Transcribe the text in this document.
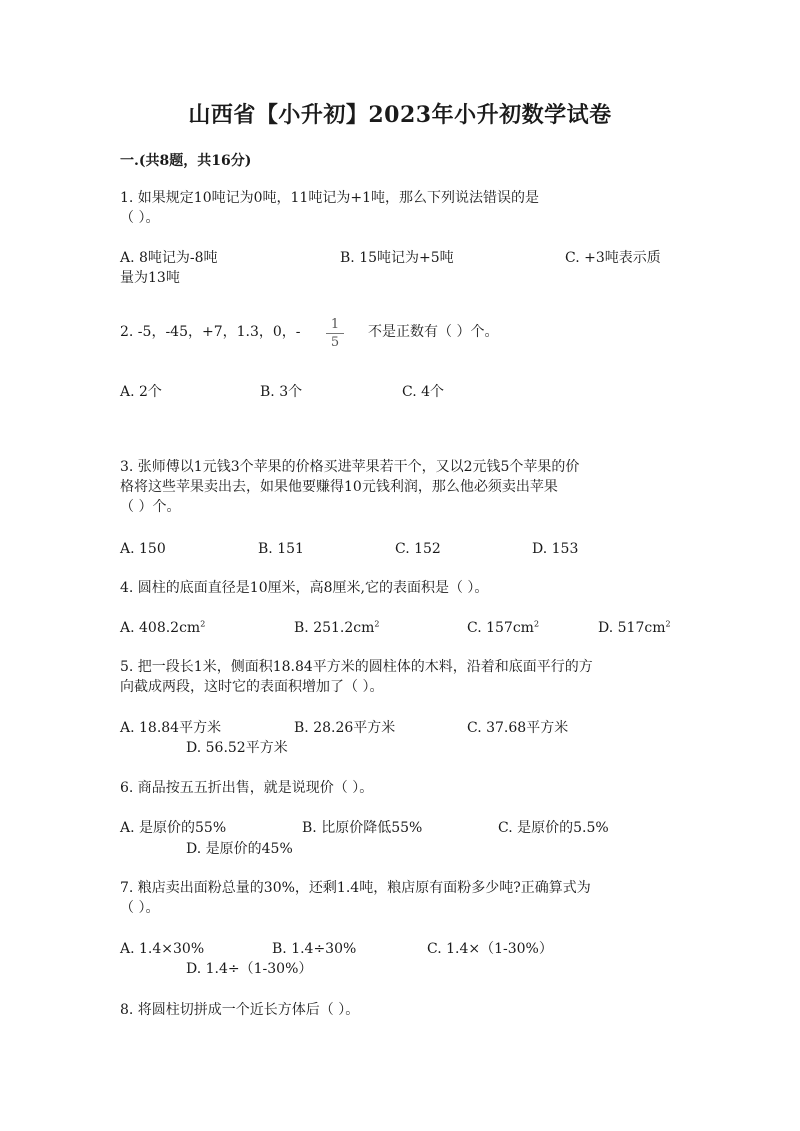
山西省【小升初】2023年小升初数学试卷
一.(共8题，共16分)
1. 如果规定10吨记为0吨，11吨记为+1吨，那么下列说法错误的是
（ ）。
A. 8吨记为-8吨	B. 15吨记为+5吨	C. +3吨表示质
量为13吨
2. -5，-45，+7，1.3，0，-	1
5
不是正数有（ ）个。
A. 2个	B. 3个	C. 4个
3. 张师傅以1元钱3个苹果的价格买进苹果若干个，又以2元钱5个苹果的价
格将这些苹果卖出去，如果他要赚得10元钱利润，那么他必须卖出苹果
（ ）个。
A. 150	B. 151	C. 152	D. 153
4. 圆柱的底面直径是10厘米，高8厘米,它的表面积是（ ）。
A. $408.2cm^2$	B. $251.2cm^2$	C. $157cm^2$	D. $517cm^2$
5. 把一段长1米，侧面积18.84平方米的圆柱体的木料，沿着和底面平行的方
向截成两段，这时它的表面积增加了（ ）。
A. 18.84平方米	B. 28.26平方米	C. 37.68平方米
D. 56.52平方米
6. 商品按五五折出售，就是说现价（ ）。
A. 是原价的55%	B. 比原价降低55%	C. 是原价的5.5%
D. 是原价的45%
7. 粮店卖出面粉总量的30%，还剩1.4吨，粮店原有面粉多少吨?正确算式为
（ ）。
A. 1.4×30%	B. 1.4÷30%	C. 1.4×（1-30%）
D. 1.4÷（1-30%）
8. 将圆柱切拼成一个近长方体后（ ）。
